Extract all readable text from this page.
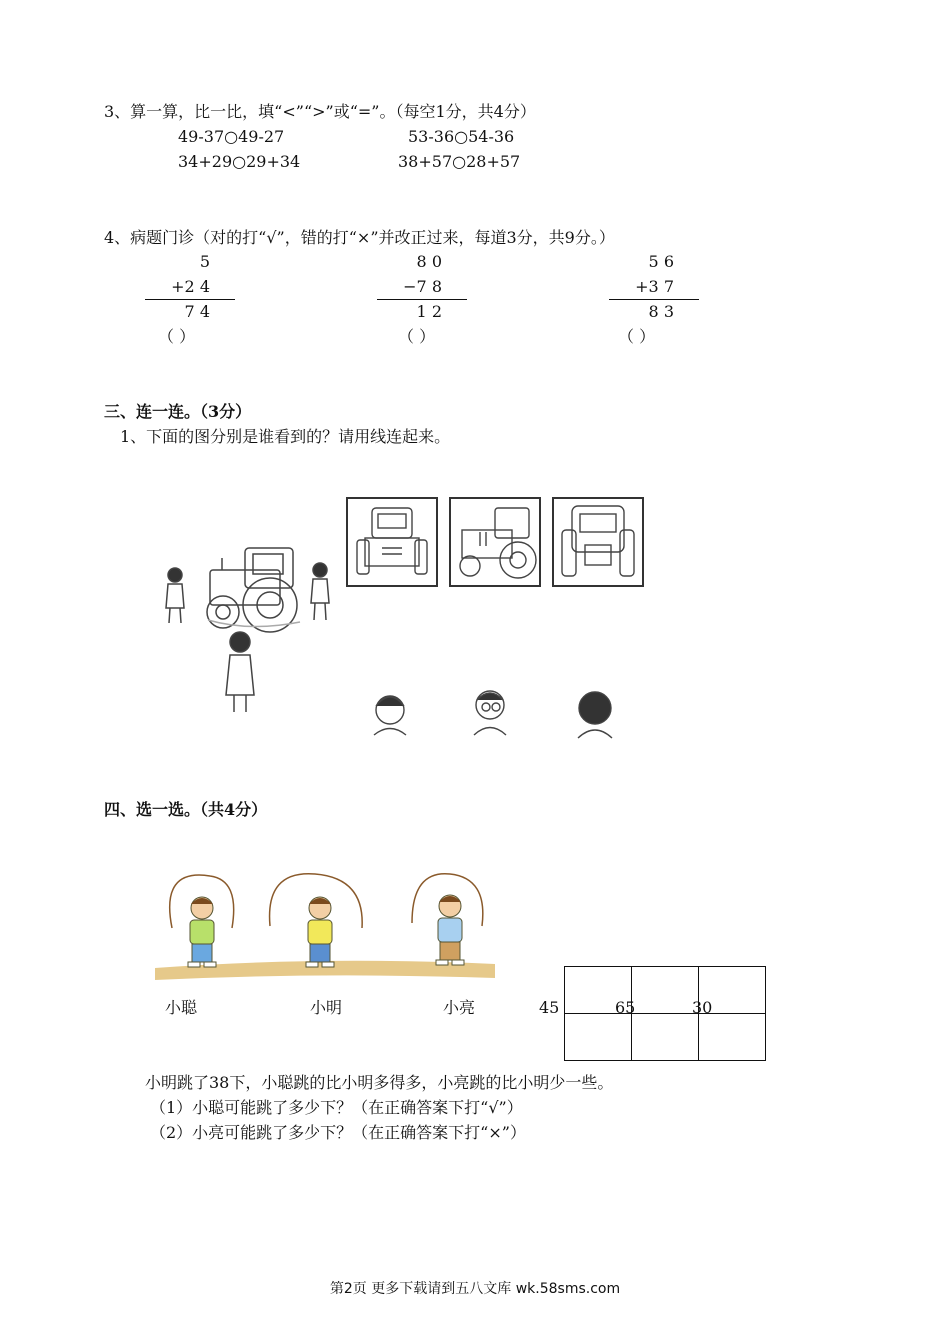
3、算一算，比一比，填“<”“>”或“=”。（每空1分，共4分）
49-37○49-27	53-36○54-36
34+29○29+34	38+57○28+57
4、病题门诊（对的打“√”，错的打“×”并改正过来，每道3分，共9分。）
5
+2 4
7 4
（ ）
8 0
−7 8
1 2
（ ）
5 6
+3 7
8 3
（ ）
三、连一连。（3分）
1、下面的图分别是谁看到的？请用线连起来。
四、选一选。（共4分）
小聪	小明	小亮

			45	65	30
小明跳了38下，小聪跳的比小明多得多，小亮跳的比小明少一些。
（1）小聪可能跳了多少下？（在正确答案下打“√”）
（2）小亮可能跳了多少下？（在正确答案下打“×”）
第2页 更多下载请到五八文库 wk.58sms.com
